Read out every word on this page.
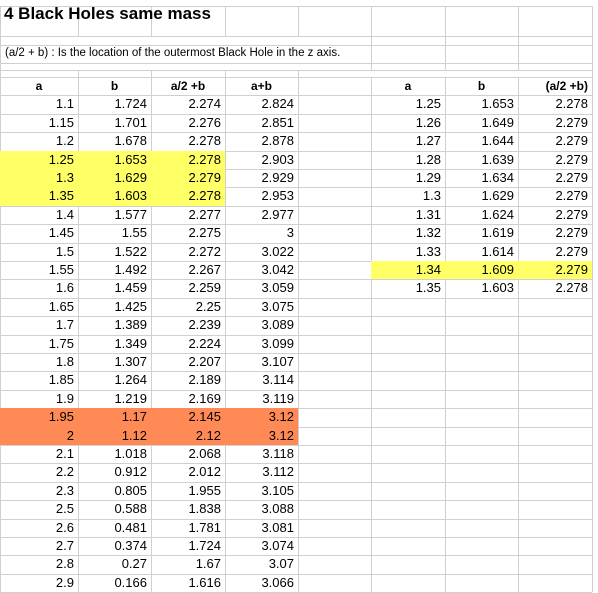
4 Black Holes same mass
(a/2 + b) : Is the location of the outermost Black Hole in the z axis.
a	b	a/2 +b	a+b
1.1	1.724	2.274	2.824
1.15	1.701	2.276	2.851
1.2	1.678	2.278	2.878
1.25	1.653	2.278	2.903
1.3	1.629	2.279	2.929
1.35	1.603	2.278	2.953
1.4	1.577	2.277	2.977
1.45	1.55	2.275	3
1.5	1.522	2.272	3.022
1.55	1.492	2.267	3.042
1.6	1.459	2.259	3.059
1.65	1.425	2.25	3.075
1.7	1.389	2.239	3.089
1.75	1.349	2.224	3.099
1.8	1.307	2.207	3.107
1.85	1.264	2.189	3.114
1.9	1.219	2.169	3.119
1.95	1.17	2.145	3.12
2	1.12	2.12	3.12
2.1	1.018	2.068	3.118
2.2	0.912	2.012	3.112
2.3	0.805	1.955	3.105
2.5	0.588	1.838	3.088
2.6	0.481	1.781	3.081
2.7	0.374	1.724	3.074
2.8	0.27	1.67	3.07
2.9	0.166	1.616	3.066
a	b	(a/2 +b)
1.25	1.653	2.278
1.26	1.649	2.279
1.27	1.644	2.279
1.28	1.639	2.279
1.29	1.634	2.279
1.3	1.629	2.279
1.31	1.624	2.279
1.32	1.619	2.279
1.33	1.614	2.279
1.34	1.609	2.279
1.35	1.603	2.278
